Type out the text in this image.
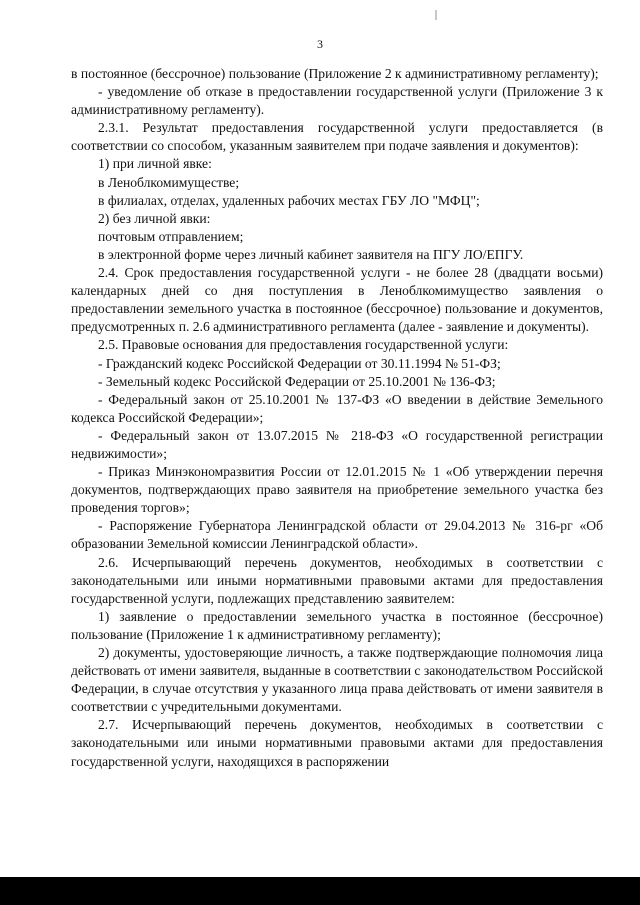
3

в постоянное (бессрочное) пользование (Приложение 2 к административному регламенту);

- уведомление об отказе в предоставлении государственной услуги (Приложение 3 к административному регламенту).

2.3.1. Результат предоставления государственной услуги предоставляется (в соответствии со способом, указанным заявителем при подаче заявления и документов):

1) при личной явке:

в Леноблкомимуществе;

в филиалах, отделах, удаленных рабочих местах ГБУ ЛО "МФЦ";

2) без личной явки:

почтовым отправлением;

в электронной форме через личный кабинет заявителя на ПГУ ЛО/ЕПГУ.

2.4. Срок предоставления государственной услуги - не более 28 (двадцати восьми) календарных дней со дня поступления в Леноблкомимущество заявления о предоставлении земельного участка в постоянное (бессрочное) пользование и документов, предусмотренных п. 2.6 административного регламента (далее - заявление и документы).

2.5. Правовые основания для предоставления государственной услуги:

- Гражданский кодекс Российской Федерации от 30.11.1994 № 51-ФЗ;

- Земельный кодекс Российской Федерации от 25.10.2001 № 136-ФЗ;

- Федеральный закон от 25.10.2001 № 137-ФЗ «О введении в действие Земельного кодекса Российской Федерации»;

- Федеральный закон от 13.07.2015 № 218-ФЗ «О государственной регистрации недвижимости»;

- Приказ Минэкономразвития России от 12.01.2015 № 1 «Об утверждении перечня документов, подтверждающих право заявителя на приобретение земельного участка без проведения торгов»;

- Распоряжение Губернатора Ленинградской области от 29.04.2013 № 316-рг «Об образовании Земельной комиссии Ленинградской области».

2.6. Исчерпывающий перечень документов, необходимых в соответствии с законодательными или иными нормативными правовыми актами для предоставления государственной услуги, подлежащих представлению заявителем:

1) заявление о предоставлении земельного участка в постоянное (бессрочное) пользование (Приложение 1 к административному регламенту);

2) документы, удостоверяющие личность, а также подтверждающие полномочия лица действовать от имени заявителя, выданные в соответствии с законодательством Российской Федерации, в случае отсутствия у указанного лица права действовать от имени заявителя в соответствии с учредительными документами.

2.7. Исчерпывающий перечень документов, необходимых в соответствии с законодательными или иными нормативными правовыми актами для предоставления государственной услуги, находящихся в распоряжении
